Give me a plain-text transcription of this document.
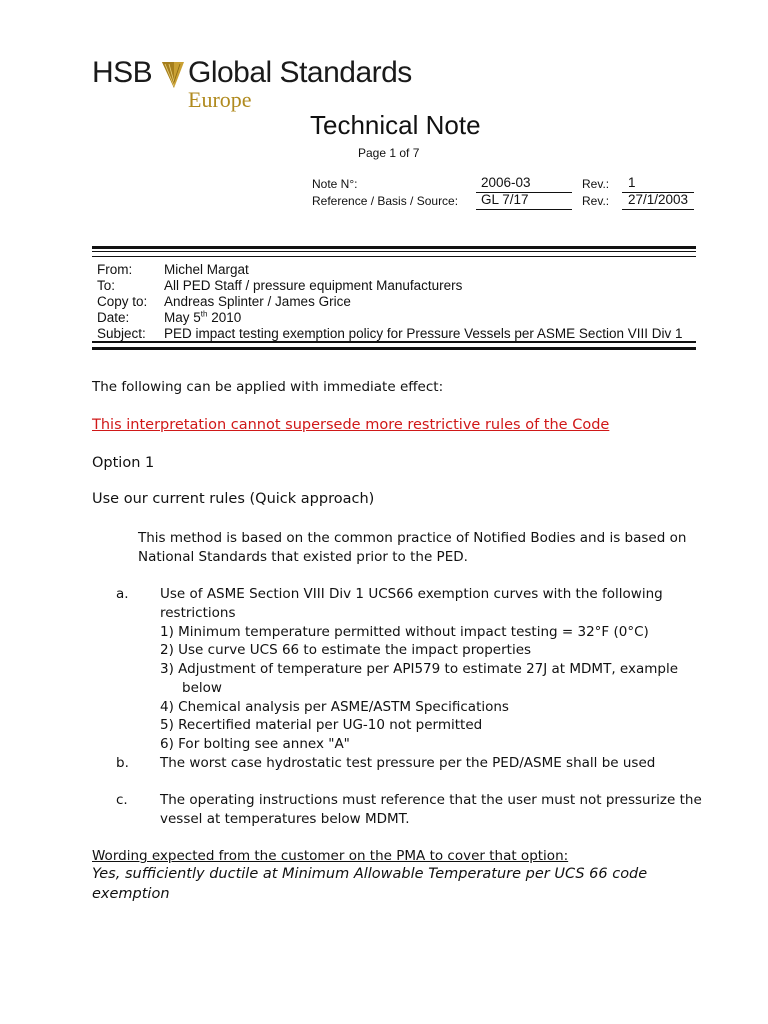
HSB Global Standards
Europe
Technical Note
Page 1 of 7
Note N°:	2006-03	Rev.: 1
Reference / Basis / Source: GL 7/17	Rev.: 27/1/2003
From: Michel Margat
To:	All PED Staff / pressure equipment Manufacturers
Copy to: Andreas Splinter / James Grice
Date:	May 5th 2010
Subject: PED impact testing exemption policy for Pressure Vessels per ASME Section VIII Div 1
The following can be applied with immediate effect:
This interpretation cannot supersede more restrictive rules of the Code
Option 1
Use our current rules (Quick approach)
This method is based on the common practice of Notified Bodies and is based on
National Standards that existed prior to the PED.
a. Use of ASME Section VIII Div 1 UCS66 exemption curves with the following
restrictions
1) Minimum temperature permitted without impact testing = 32°F (0°C)
2) Use curve UCS 66 to estimate the impact properties
3) Adjustment of temperature per API579 to estimate 27J at MDMT, example
below
4) Chemical analysis per ASME/ASTM Specifications
5) Recertified material per UG-10 not permitted
6) For bolting see annex "A"
b. The worst case hydrostatic test pressure per the PED/ASME shall be used
c. The operating instructions must reference that the user must not pressurize the
vessel at temperatures below MDMT.
Wording expected from the customer on the PMA to cover that option:
Yes, sufficiently ductile at Minimum Allowable Temperature per UCS 66 code
exemption
